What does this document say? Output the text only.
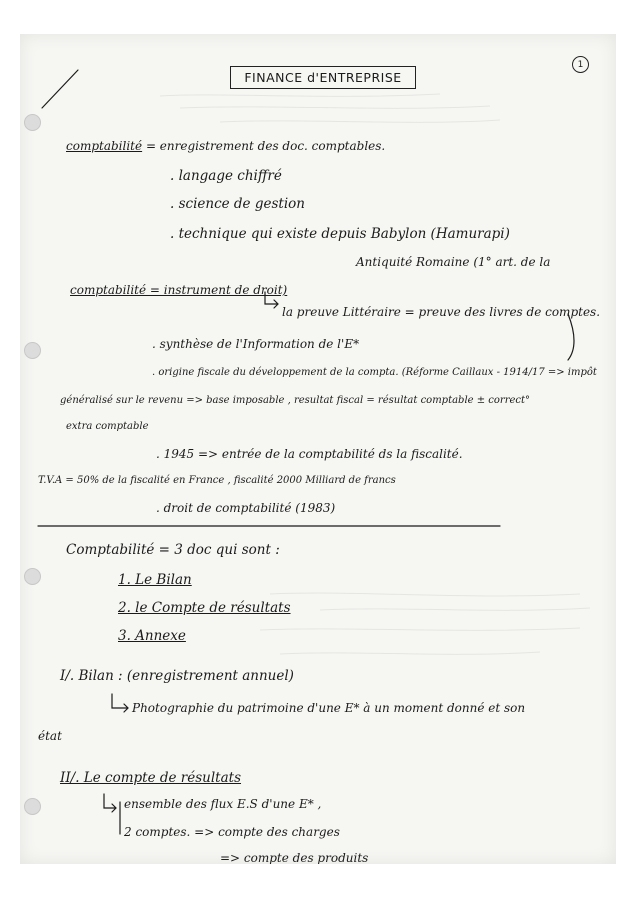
1
FINANCE d'ENTREPRISE
comptabilité = enregistrement des doc. comptables.
. langage chiffré
. science de gestion
. technique qui existe depuis Babylon (Hamurapi)
Antiquité Romaine (1° art. de la
comptabilité = instrument de droit)
la preuve Littéraire = preuve des livres de comptes.
. synthèse de l'Information de l'E*
. origine fiscale du développement de la compta. (Réforme Caillaux - 1914/17 => impôt
généralisé sur le revenu => base imposable , resultat fiscal = résultat comptable ± correct°
extra comptable
. 1945 => entrée de la comptabilité ds la fiscalité.
T.V.A = 50% de la fiscalité en France , fiscalité 2000 Milliard de francs
. droit de comptabilité (1983)
Comptabilité = 3 doc qui sont :
1. Le Bilan
2. le Compte de résultats
3. Annexe
I/. Bilan : (enregistrement annuel)
Photographie du patrimoine d'une E* à un moment donné et son
état
II/. Le compte de résultats
ensemble des flux E.S d'une E* ,
2 comptes. => compte des charges
=> compte des produits
